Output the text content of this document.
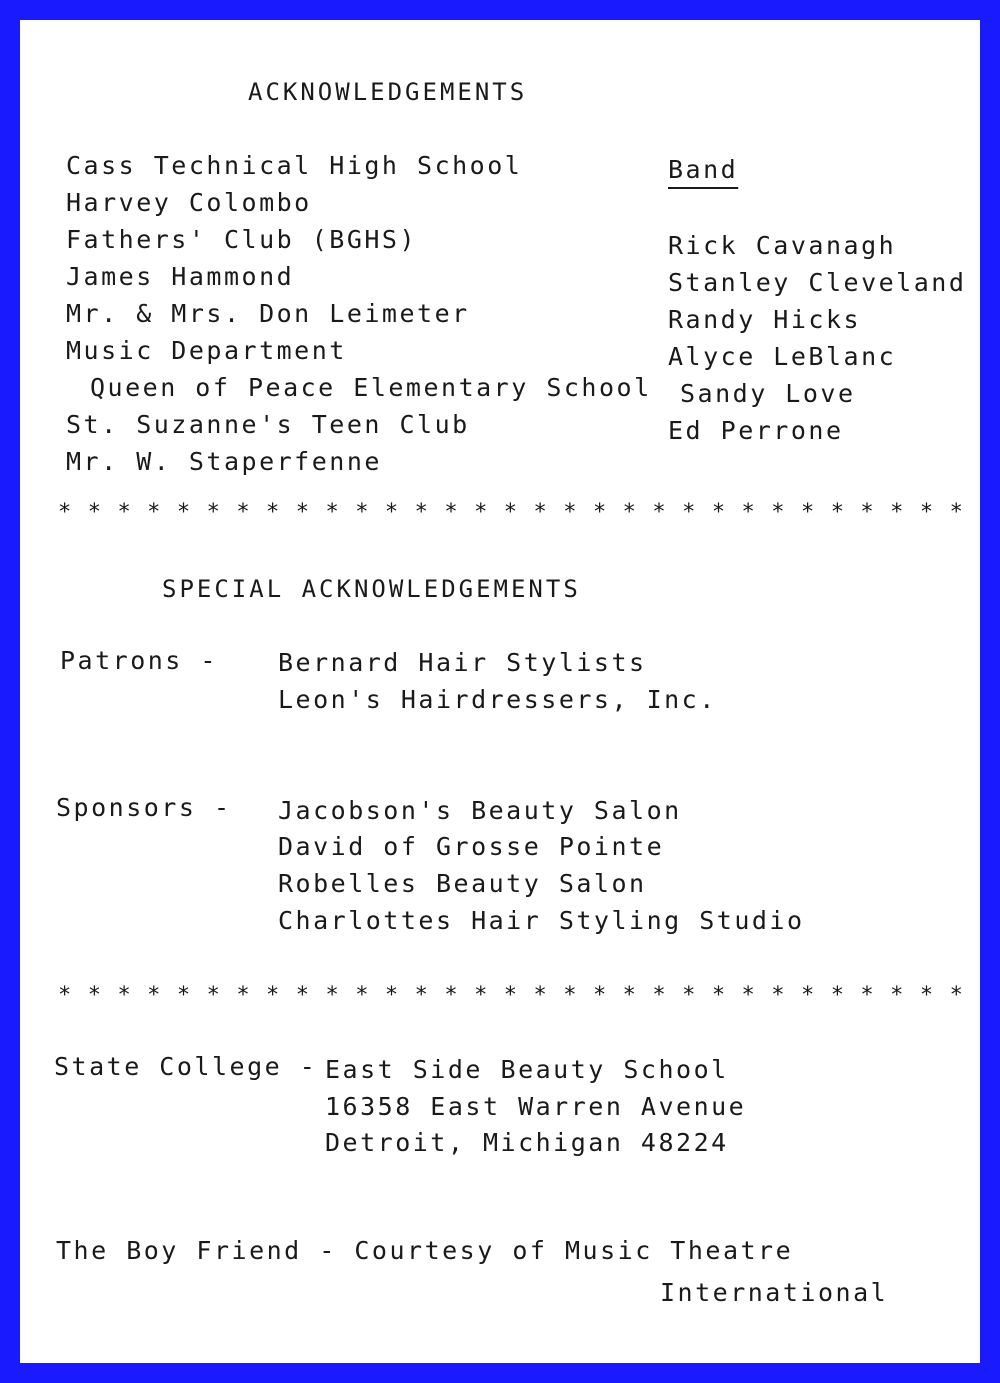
ACKNOWLEDGEMENTS
Cass Technical High School
Harvey Colombo
Fathers' Club (BGHS)
James Hammond
Mr. & Mrs. Don Leimeter
Music Department
Queen of Peace Elementary School
St. Suzanne's Teen Club
Mr. W. Staperfenne
Band
Rick Cavanagh
Stanley Cleveland
Randy Hicks
Alyce LeBlanc
Sandy Love
Ed Perrone
* * * * * * * * * * * * * * * * * * * * * * * * * * * * * * *
SPECIAL ACKNOWLEDGEMENTS
Patrons - Bernard Hair Stylists
Leon's Hairdressers, Inc.
Sponsors - Jacobson's Beauty Salon
David of Grosse Pointe
Robelles Beauty Salon
Charlottes Hair Styling Studio
* * * * * * * * * * * * * * * * * * * * * * * * * * * * * * *
State College - East Side Beauty School
16358 East Warren Avenue
Detroit, Michigan 48224
The Boy Friend - Courtesy of Music Theatre
International
